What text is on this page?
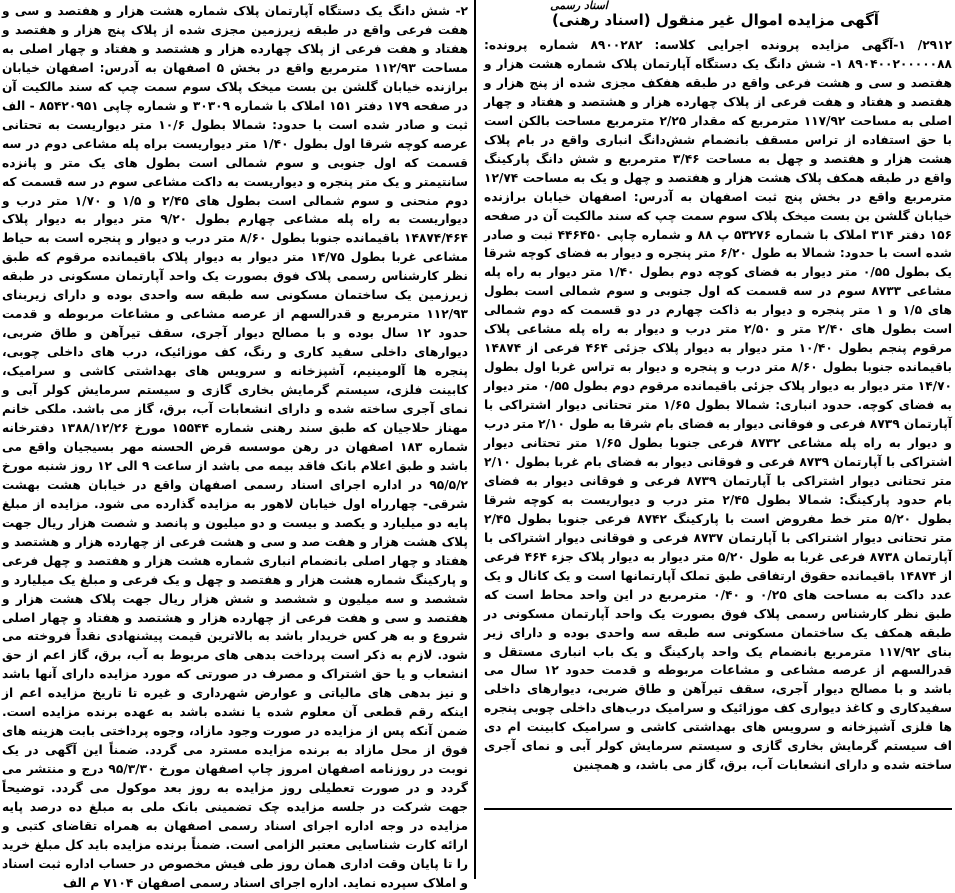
اسناد رسمی
آگهی مزایده اموال غیر منقول (اسناد رهنی)

۲۹۱۲/ ۱-آگهی مزایده پرونده اجرایی کلاسه: ۸۹۰۰۲۸۲ شماره پرونده: ۸۹۰۴۰۰۲۰۰۰۰۰۸۸ ۱- شش دانگ یک دستگاه آپارتمان پلاک شماره هشت هزار و هفتصد و سی و هشت فرعی واقع در طبقه هفکف مجزی شده از پنج هزار و هفتصد و هفتاد و هفت فرعی از پلاک چهارده هزار و هشتصد و هفتاد و چهار اصلی به مساحت ۱۱۷/۹۲ مترمربع که مقدار ۲/۲۵ مترمربع مساحت بالکن است با حق استفاده از تراس مسقف بانضمام شش‌دانگ انباری واقع در بام پلاک هشت هزار و هفتصد و چهل به مساحت ۳/۴۶ مترمربع و شش دانگ پارکینگ واقع در طبقه همکف پلاک هشت هزار و هفتصد و چهل و یک به مساحت ۱۲/۷۴ مترمربع واقع در بخش پنج ثبت اصفهان به آدرس: اصفهان خیابان برازنده خیابان گلشن بن بست میخک پلاک سوم سمت چپ که سند مالکیت آن در صفحه ۱۵۶ دفتر ۳۱۴ املاک با شماره ۵۳۲۷۶ پ ۸۸ و شماره چاپی ۴۴۶۴۵۰ ثبت و صادر شده است با حدود: شمالا به طول ۶/۲۰ متر پنجره و دیوار به فضای کوچه شرقا یک بطول ۰/۵۵ متر دیوار به فضای کوچه دوم بطول ۱/۴۰ متر دیوار به راه پله مشاعی ۸۷۳۳ سوم در سه قسمت که اول جنوبی و سوم شمالی است بطول های ۱/۵ و ۱ متر پنجره و دیوار به ذاکت چهارم در دو قسمت که دوم شمالی است بطول های ۲/۴۰ متر و ۲/۵۰ متر درب و دیوار به راه پله مشاعی پلاک مرقوم پنجم بطول ۱۰/۴۰ متر دیوار به دیوار پلاک جزئی ۴۶۴ فرعی از ۱۴۸۷۴ باقیمانده جنوبا بطول ۸/۶۰ متر درب و پنجره و دیوار به تراس غربا اول بطول ۱۴/۷۰ متر دیوار به دیوار پلاک جزئی باقیمانده مرقوم دوم بطول ۰/۵۵ متر دیوار به فضای کوچه. حدود انباری: شمالا بطول ۱/۶۵ متر تحتانی دیوار اشتراکی با آپارتمان ۸۷۳۹ فرعی و فوقانی دیوار به فضای بام شرقا به طول ۲/۱۰ متر درب و دیوار به راه پله مشاعی ۸۷۳۲ فرعی جنوبا بطول ۱/۶۵ متر تحتانی دیوار اشتراکی با آپارتمان ۸۷۳۹ فرعی و فوقانی دیوار به فضای بام غربا بطول ۲/۱۰ متر تحتانی دیوار اشتراکی با آپارتمان ۸۷۳۹ فرعی و فوقانی دیوار به فضای بام حدود پارکینگ: شمالا بطول ۲/۴۵ متر درب و دیواریست به کوچه شرقا بطول ۵/۲۰ متر خط مفروض است با پارکینگ ۸۷۴۲ فرعی جنوبا بطول ۲/۴۵ متر تحتانی دیوار اشتراکی با آپارتمان ۸۷۳۷ فرعی و فوقانی دیوار اشتراکی با آپارتمان ۸۷۳۸ فرعی غربا به طول ۵/۲۰ متر دیوار به دیوار پلاک جزء ۴۶۴ فرعی از ۱۴۸۷۴ باقیمانده حقوق ارتفاقی طبق تملک آپارتمانها است و یک کانال و یک عدد داکت به مساحت های ۰/۲۵ و ۰/۴۰ مترمربع در این واحد محاط است که طبق نظر کارشناس رسمی پلاک فوق بصورت یک واحد آپارتمان مسکونی در طبقه همکف یک ساختمان مسکونی سه طبقه سه واحدی بوده و دارای زیر بنای ۱۱۷/۹۲ مترمربع بانضمام یک واحد پارکینگ و یک باب انباری مستقل و قدرالسهم از عرصه مشاعی و مشاعات مربوطه و قدمت حدود ۱۲ سال می باشد و با مصالح دیوار آجری، سقف تیرآهن و طاق ضربی، دیوارهای داخلی سفیدکاری و کاغذ دیواری کف موزائیک و سرامیک درب‌های داخلی چوبی پنجره ها فلزی آشپزخانه و سرویس های بهداشتی کاشی و سرامیک کابینت ام دی اف سیستم گرمایش بخاری گازی و سیستم سرمایش کولر آبی و نمای آجری ساخته شده و دارای انشعابات آب، برق، گاز می باشد، و همچنین

۲- شش دانگ یک دستگاه آپارتمان پلاک شماره هشت هزار و هفتصد و سی و هفت فرعی واقع در طبقه زیرزمین مجزی شده از پلاک پنج هزار و هفتصد و هفتاد و هفت فرعی از پلاک چهارده هزار و هشتصد و هفتاد و چهار اصلی به مساحت ۱۱۲/۹۳ مترمربع واقع در بخش ۵ اصفهان به آدرس: اصفهان خیابان برازنده خیابان گلشن بن بست میخک پلاک سوم سمت چپ که سند مالکیت آن در صفحه ۱۷۹ دفتر ۱۵۱ املاک با شماره ۳۰۳۰۹ و شماره چاپی ۸۵۴۲۰۹۵۱ - الف ثبت و صادر شده است با حدود: شمالا بطول ۱۰/۶ متر دیواریست به تحتانی عرصه کوچه شرقا اول بطول ۱/۴۰ متر دیواریست براه پله مشاعی دوم در سه قسمت که اول جنوبی و سوم شمالی است بطول های یک متر و پانزده سانتیمتر و یک متر پنجره و دیواریست به داکت مشاعی سوم در سه قسمت که دوم منحنی و سوم شمالی است بطول های ۲/۴۵ و ۱/۵ و ۱/۷۰ متر درب و دیواریست به راه پله مشاعی چهارم بطول ۹/۲۰ متر دیوار به دیوار پلاک ۱۴۸۷۴/۴۶۴ باقیمانده جنوبا بطول ۸/۶۰ متر درب و دیوار و پنجره است به حیاط مشاعی غربا بطول ۱۴/۷۵ متر دیوار به دیوار پلاک باقیمانده مرقوم که طبق نظر کارشناس رسمی پلاک فوق بصورت یک واحد آپارتمان مسکونی در طبقه زیرزمین یک ساختمان مسکونی سه طبقه سه واحدی بوده و دارای زیربنای ۱۱۲/۹۳ مترمربع و قدرالسهم از عرصه مشاعی و مشاعات مربوطه و قدمت حدود ۱۲ سال بوده و با مصالح دیوار آجری، سقف تیرآهن و طاق ضربی، دیوارهای داخلی سفید کاری و رنگ، کف موزائیک، درب های داخلی چوبی، پنجره ها آلومینیم، آشپزخانه و سرویس های بهداشتی کاشی و سرامیک، کابینت فلزی، سیستم گرمایش بخاری گازی و سیستم سرمایش کولر آبی و نمای آجری ساخته شده و دارای انشعابات آب، برق، گاز می باشد. ملکی خانم مهناز حلاجیان که طبق سند رهنی شماره ۱۵۵۴۴ مورخ ۱۳۸۸/۱۲/۲۶ دفترخانه شماره ۱۸۳ اصفهان در رهن موسسه قرض الحسنه مهر بسیجیان واقع می باشد و طبق اعلام بانک فاقد بیمه می باشد از ساعت ۹ الی ۱۲ روز شنبه مورخ ۹۵/۵/۲ در اداره اجرای اسناد رسمی اصفهان واقع در خیابان هشت بهشت شرقی- چهارراه اول خیابان لاهور به مزایده گذارده می شود. مزایده از مبلغ پایه دو میلیارد و یکصد و بیست و دو میلیون و پانصد و شصت هزار ریال جهت پلاک هشت هزار و هفت صد و سی و هشت فرعی از چهارده هزار و هشتصد و هفتاد و چهار اصلی بانضمام انباری شماره هشت هزار و هفتصد و چهل فرعی و پارکینگ شماره هشت هزار و هفتصد و چهل و یک فرعی و مبلغ یک میلیارد و ششصد و سه میلیون و ششصد و شش هزار ریال جهت پلاک هشت هزار و هفتصد و سی و هفت فرعی از چهارده هزار و هشتصد و هفتاد و چهار اصلی شروع و به هر کس خریدار باشد به بالاترین قیمت پیشنهادی نقداً فروخته می شود. لازم به ذکر است پرداخت بدهی های مربوط به آب، برق، گاز اعم از حق انشعاب و یا حق اشتراک و مصرف در صورتی که مورد مزایده دارای آنها باشد و نیز بدهی های مالیاتی و عوارض شهرداری و غیره تا تاریخ مزایده اعم از اینکه رقم قطعی آن معلوم شده یا نشده باشد به عهده برنده مزایده است. ضمن آنکه پس از مزایده در صورت وجود مازاد، وجوه پرداختی بابت هزینه های فوق از محل مازاد به برنده مزایده مسترد می گردد. ضمناً این آگهی در یک نوبت در روزنامه اصفهان امروز چاپ اصفهان مورخ ۹۵/۳/۳۰ درج و منتشر می گردد و در صورت تعطیلی روز مزایده به روز بعد موکول می گردد. توضیحاً جهت شرکت در جلسه مزایده چک تضمینی بانک ملی به مبلغ ده درصد پایه مزایده در وجه اداره اجرای اسناد رسمی اصفهان به همراه تقاضای کتبی و ارائه کارت شناسایی معتبر الزامی است. ضمناً برنده مزایده باید کل مبلغ خرید را تا پایان وقت اداری همان روز طی فیش مخصوص در حساب اداره ثبت اسناد و املاک سپرده نماید. اداره اجرای اسناد رسمی اصفهان ۷۱۰۴ م الف
